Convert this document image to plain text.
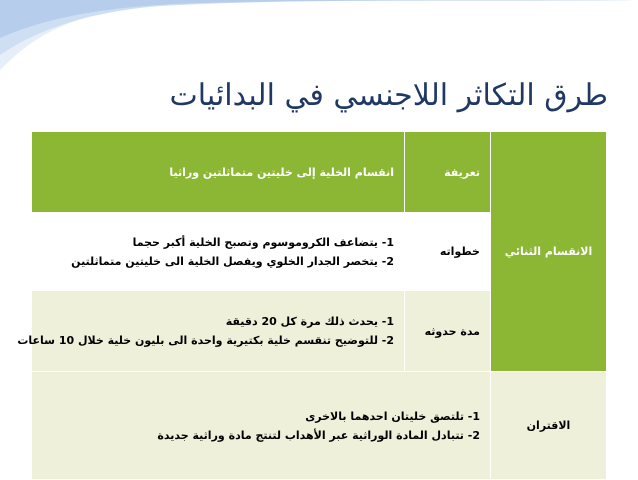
طرق التكاثر اللاجنسي في البدائيات
الانقسام الثنائي	تعريفة	انقسام الخلية إلى خليتين متماثلتين وراثيا
	خطواته	1- يتضاعف الكروموسوم وتصبح الخلية أكبر حجما
2- يتخصر الجدار الخلوي ويفصل الخلية الى خليتين متماثلتين

	مدة حدوثه	1- يحدث ذلك مرة كل 20 دقيقة
2- للتوضيح تنقسم خلية بكتيرية واحدة الى بليون خلية خلال 10 ساعات

الاقتران	1- تلتصق خليتان احدهما بالاخرى
2- تتبادل المادة الوراثية عبر الأهداب لتنتج مادة وراثية جديدة	
